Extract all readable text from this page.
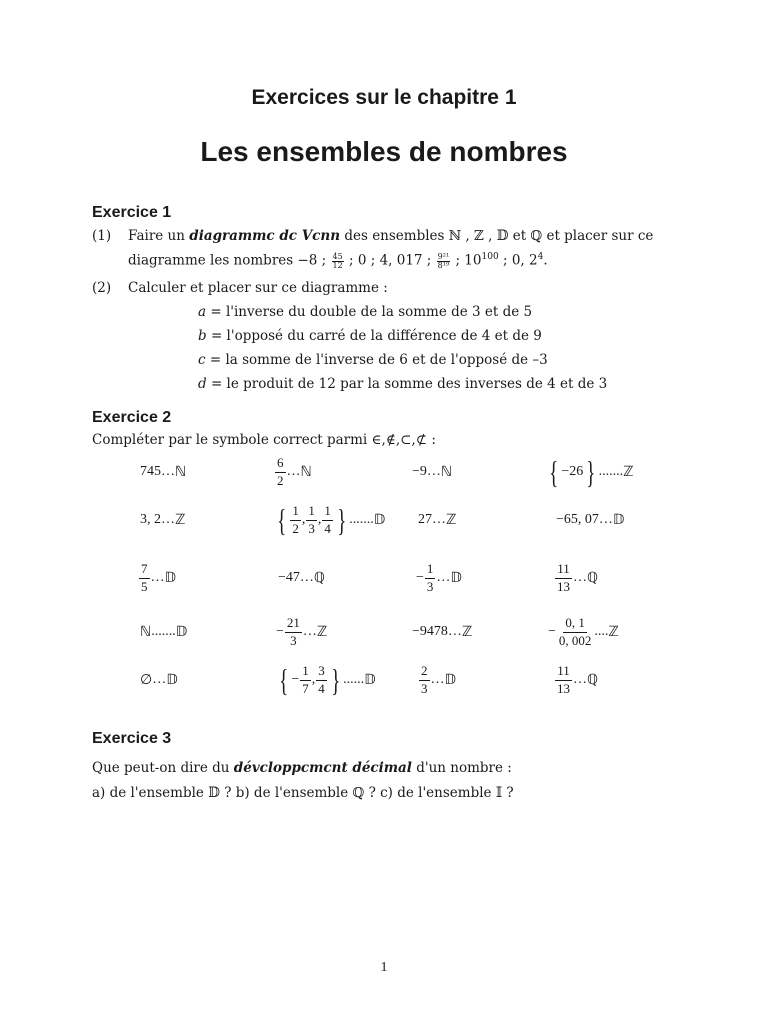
Exercices sur le chapitre 1
Les ensembles de nombres
Exercice 1
(1) Faire un diagrammc dc Vcnn des ensembles ℕ , ℤ , 𝔻 et ℚ et placer sur ce
diagramme les nombres −8 ; $\frac{45}{12}$ ; 0 ; 4, 017 ; $\frac{\text{9²¹}}{\text{8¹⁹}}$ ; $10^{100}$ ; 0, $2^4$.
(2) Calculer et placer sur ce diagramme :
a = l'inverse du double de la somme de 3 et de 5
b = l'opposé du carré de la différence de 4 et de 9
c = la somme de l'inverse de 6 et de l'opposé de –3
d = le produit de 12 par la somme des inverses de 4 et de 3
Exercice 2
Compléter par le symbole correct parmi ∈,∉,⊂,⊄ :
745 … ℕ	$\frac{6}{2}$ … ℕ	−9 … ℕ	{ −26 } ....... ℤ
3, 2 … ℤ	{ $\frac{1}{2}$ , $\frac{1}{3}$ , $\frac{1}{4}$ } ....... 𝔻 27 … ℤ	−65, 07 … 𝔻
$\frac{7}{5}$ … 𝔻	−47 … ℚ	− $\frac{1}{3}$ … 𝔻	$\frac{11}{13}$ … ℚ
ℕ ....... 𝔻	− $\frac{21}{3}$ … ℤ	−9478 … ℤ	− $\frac{0, 1}{0, 002}$ .... ℤ
∅ … 𝔻	{ − $\frac{1}{7}$ , $\frac{3}{4}$ } ...... 𝔻	$\frac{2}{3}$ … 𝔻	$\frac{11}{13}$ … ℚ
Exercice 3
Que peut-on dire du dévcloppcmcnt décimal d'un nombre :
a) de l'ensemble 𝔻 ? b) de l'ensemble ℚ ? c) de l'ensemble 𝕀 ?
1
